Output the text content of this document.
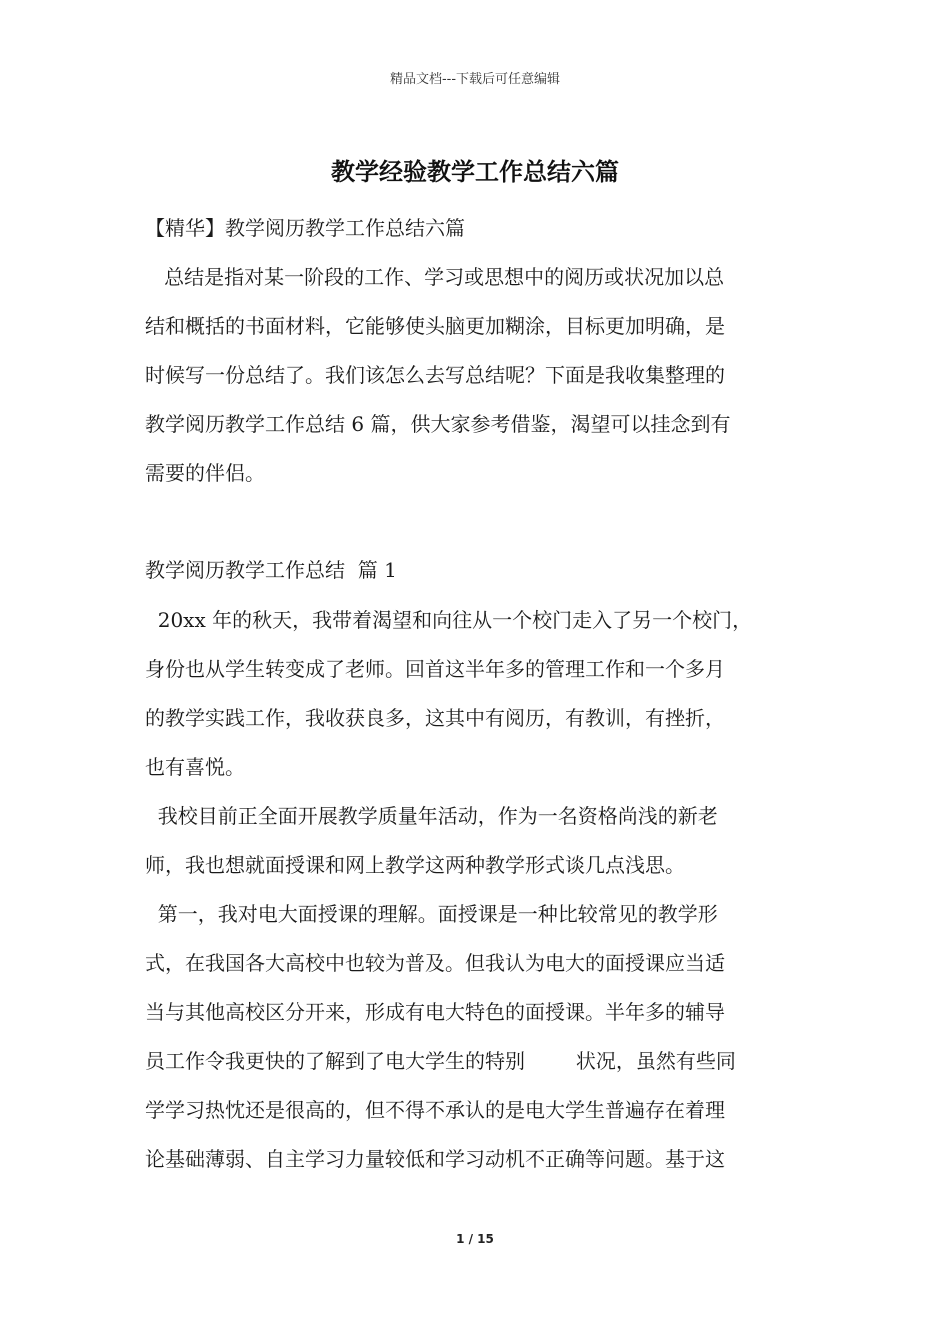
精品文档---下载后可任意编辑
教学经验教学工作总结六篇
【精华】教学阅历教学工作总结六篇
总结是指对某一阶段的工作、学习或思想中的阅历或状况加以总
结和概括的书面材料，它能够使头脑更加糊涂，目标更加明确，是
时候写一份总结了。我们该怎么去写总结呢？下面是我收集整理的
教学阅历教学工作总结 6 篇，供大家参考借鉴，渴望可以挂念到有
需要的伴侣。
教学阅历教学工作总结  篇 1
20xx 年的秋天，我带着渴望和向往从一个校门走入了另一个校门，
身份也从学生转变成了老师。回首这半年多的管理工作和一个多月
的教学实践工作，我收获良多，这其中有阅历，有教训，有挫折，
也有喜悦。
我校目前正全面开展教学质量年活动，作为一名资格尚浅的新老
师，我也想就面授课和网上教学这两种教学形式谈几点浅思。
第一，我对电大面授课的理解。面授课是一种比较常见的教学形
式，在我国各大高校中也较为普及。但我认为电大的面授课应当适
当与其他高校区分开来，形成有电大特色的面授课。半年多的辅导
员工作令我更快的了解到了电大学生的特别        状况，虽然有些同
学学习热忱还是很高的，但不得不承认的是电大学生普遍存在着理
论基础薄弱、自主学习力量较低和学习动机不正确等问题。基于这
1 / 15
